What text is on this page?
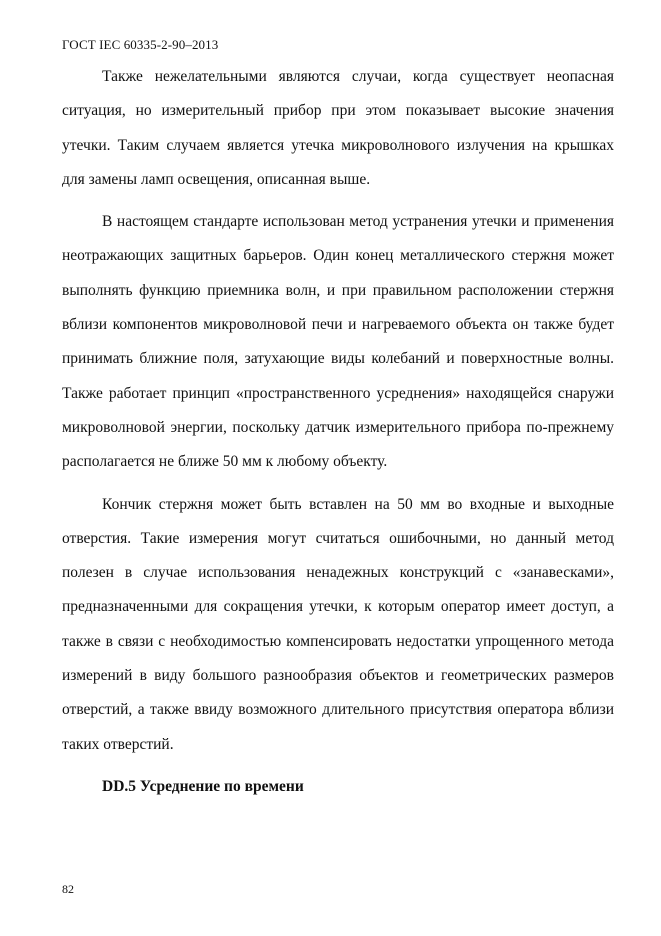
ГОСТ IEC 60335-2-90–2013

Также нежелательными являются случаи, когда существует неопасная ситуация, но измерительный прибор при этом показывает высокие значения утечки. Таким случаем является утечка микроволнового излучения на крышках для замены ламп освещения, описанная выше.

В настоящем стандарте использован метод устранения утечки и применения неотражающих защитных барьеров. Один конец металлического стержня может выполнять функцию приемника волн, и при правильном расположении стержня вблизи компонентов микроволновой печи и нагреваемого объекта он также будет принимать ближние поля, затухающие виды колебаний и поверхностные волны. Также работает принцип «пространственного усреднения» находящейся снаружи микроволновой энергии, поскольку датчик измерительного прибора по-прежнему располагается не ближе 50 мм к любому объекту.

Кончик стержня может быть вставлен на 50 мм во входные и выходные отверстия. Такие измерения могут считаться ошибочными, но данный метод полезен в случае использования ненадежных конструкций с «занавесками», предназначенными для сокращения утечки, к которым оператор имеет доступ, а также в связи с необходимостью компенсировать недостатки упрощенного метода измерений в виду большого разнообразия объектов и геометрических размеров отверстий, а также ввиду возможного длительного присутствия оператора вблизи таких отверстий.

DD.5 Усреднение по времени
82
